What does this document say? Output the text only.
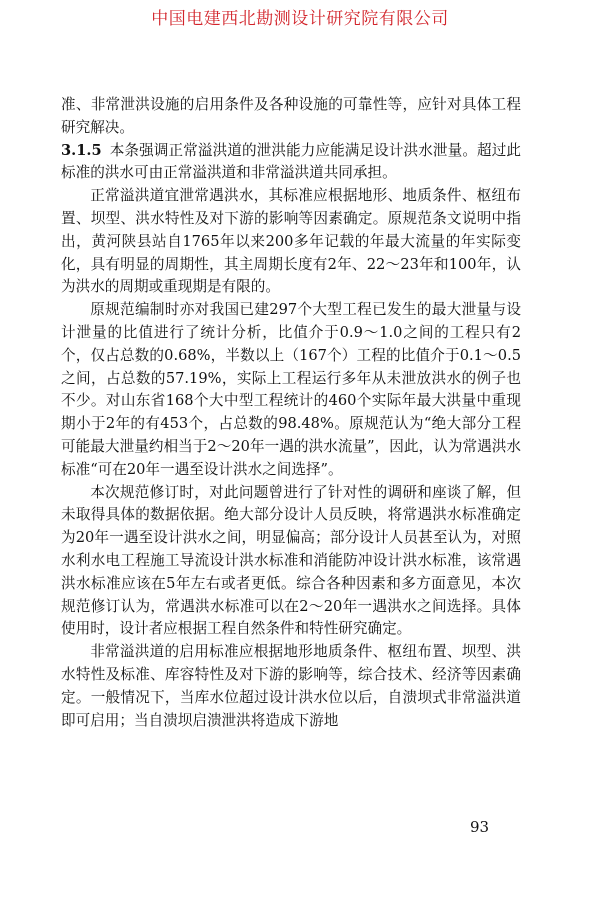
中国电建西北勘测设计研究院有限公司

准、非常泄洪设施的启用条件及各种设施的可靠性等，应针对具体工程研究解决。

3.1.5 本条强调正常溢洪道的泄洪能力应能满足设计洪水泄量。超过此标准的洪水可由正常溢洪道和非常溢洪道共同承担。

正常溢洪道宜泄常遇洪水，其标准应根据地形、地质条件、枢纽布置、坝型、洪水特性及对下游的影响等因素确定。原规范条文说明中指出，黄河陕县站自1765年以来200多年记载的年最大流量的年实际变化，具有明显的周期性，其主周期长度有2年、22～23年和100年，认为洪水的周期或重现期是有限的。

原规范编制时亦对我国已建297个大型工程已发生的最大泄量与设计泄量的比值进行了统计分析，比值介于0.9～1.0之间的工程只有2个，仅占总数的0.68%，半数以上（167个）工程的比值介于0.1～0.5之间，占总数的57.19%，实际上工程运行多年从未泄放洪水的例子也不少。对山东省168个大中型工程统计的460个实际年最大洪量中重现期小于2年的有453个，占总数的98.48%。原规范认为“绝大部分工程可能最大泄量约相当于2～20年一遇的洪水流量”，因此，认为常遇洪水标准“可在20年一遇至设计洪水之间选择”。

本次规范修订时，对此问题曾进行了针对性的调研和座谈了解，但未取得具体的数据依据。绝大部分设计人员反映，将常遇洪水标准确定为20年一遇至设计洪水之间，明显偏高；部分设计人员甚至认为，对照水利水电工程施工导流设计洪水标准和消能防冲设计洪水标准，该常遇洪水标准应该在5年左右或者更低。综合各种因素和多方面意见，本次规范修订认为，常遇洪水标准可以在2～20年一遇洪水之间选择。具体使用时，设计者应根据工程自然条件和特性研究确定。

非常溢洪道的启用标准应根据地形地质条件、枢纽布置、坝型、洪水特性及标准、库容特性及对下游的影响等，综合技术、经济等因素确定。一般情况下，当库水位超过设计洪水位以后，自溃坝式非常溢洪道即可启用；当自溃坝启溃泄洪将造成下游地

93
